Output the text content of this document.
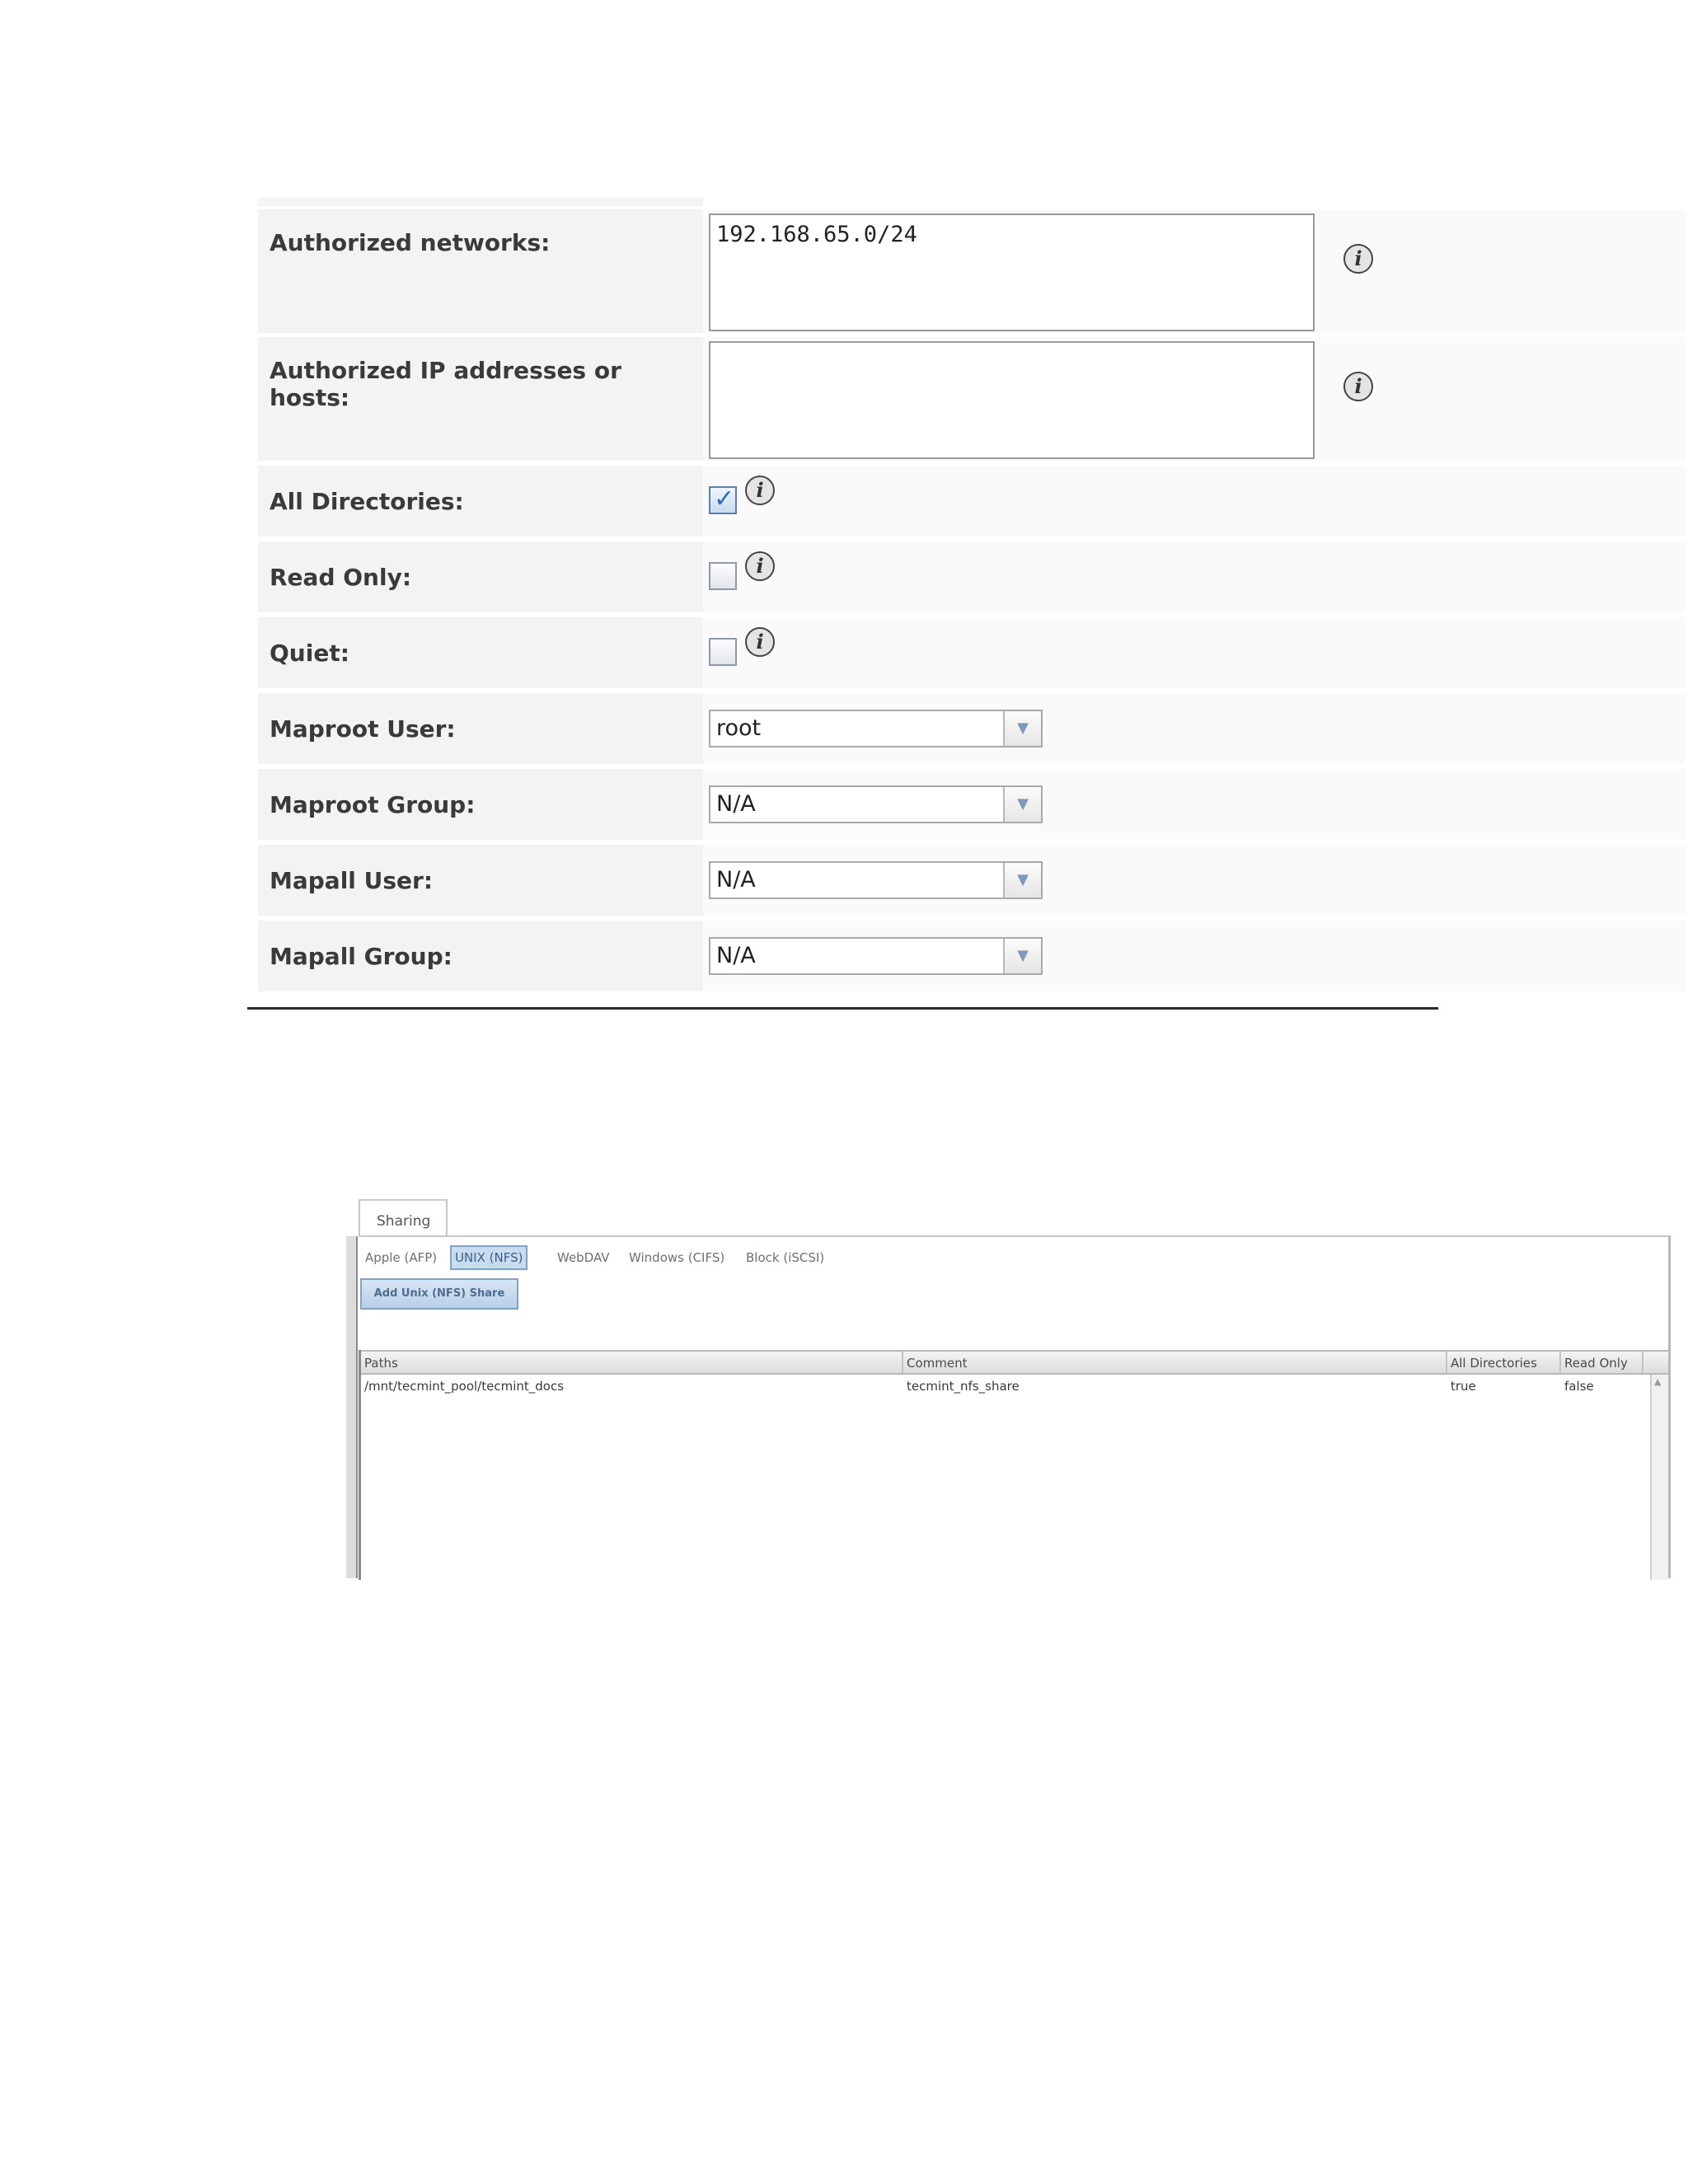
Authorized networks:	192.168.65.0/24
i
Authorized IP addresses or hosts:	i
All Directories:	✓	i
Read Only:	i
Quiet:	i
Maproot User:	root	▼
Maproot Group:	N/A	▼
Mapall User:	N/A	▼
Mapall Group:	N/A	▼
Sharing
Apple (AFP)	UNIX (NFS)	WebDAV Windows (CIFS) Block (iSCSI)
Add Unix (NFS) Share
Paths	Comment	All Directories	Read Only
/mnt/tecmint_pool/tecmint_docs	tecmint_nfs_share	true	false	▲
